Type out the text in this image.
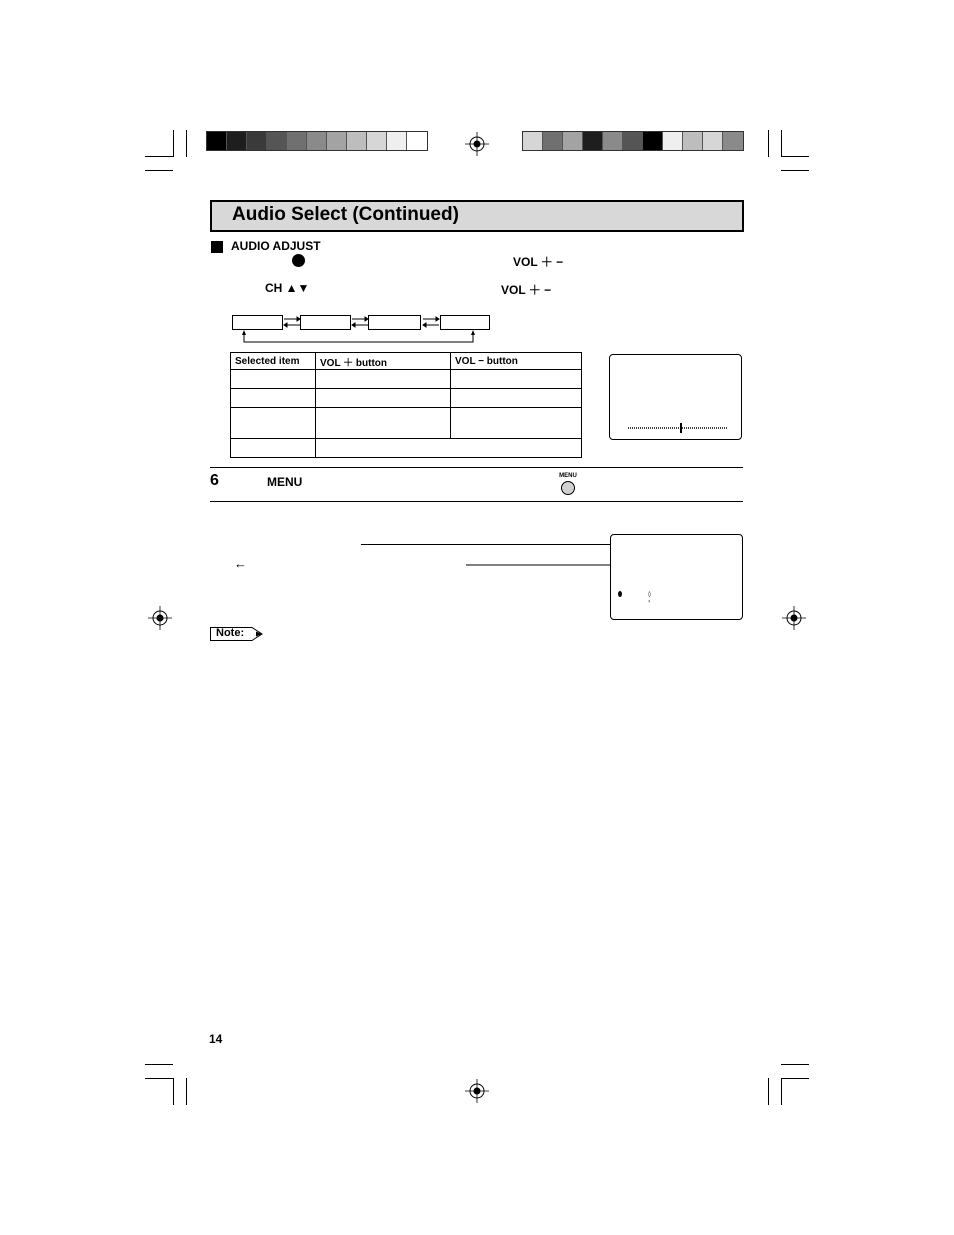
Audio Select (Continued)
AUDIO ADJUST
VOL ＋ −
CH ▲▼	VOL ＋ −
Selected item	VOL ＋ button	VOL − button

6	MENU	MENU
←
◊
‹
Note:
14
